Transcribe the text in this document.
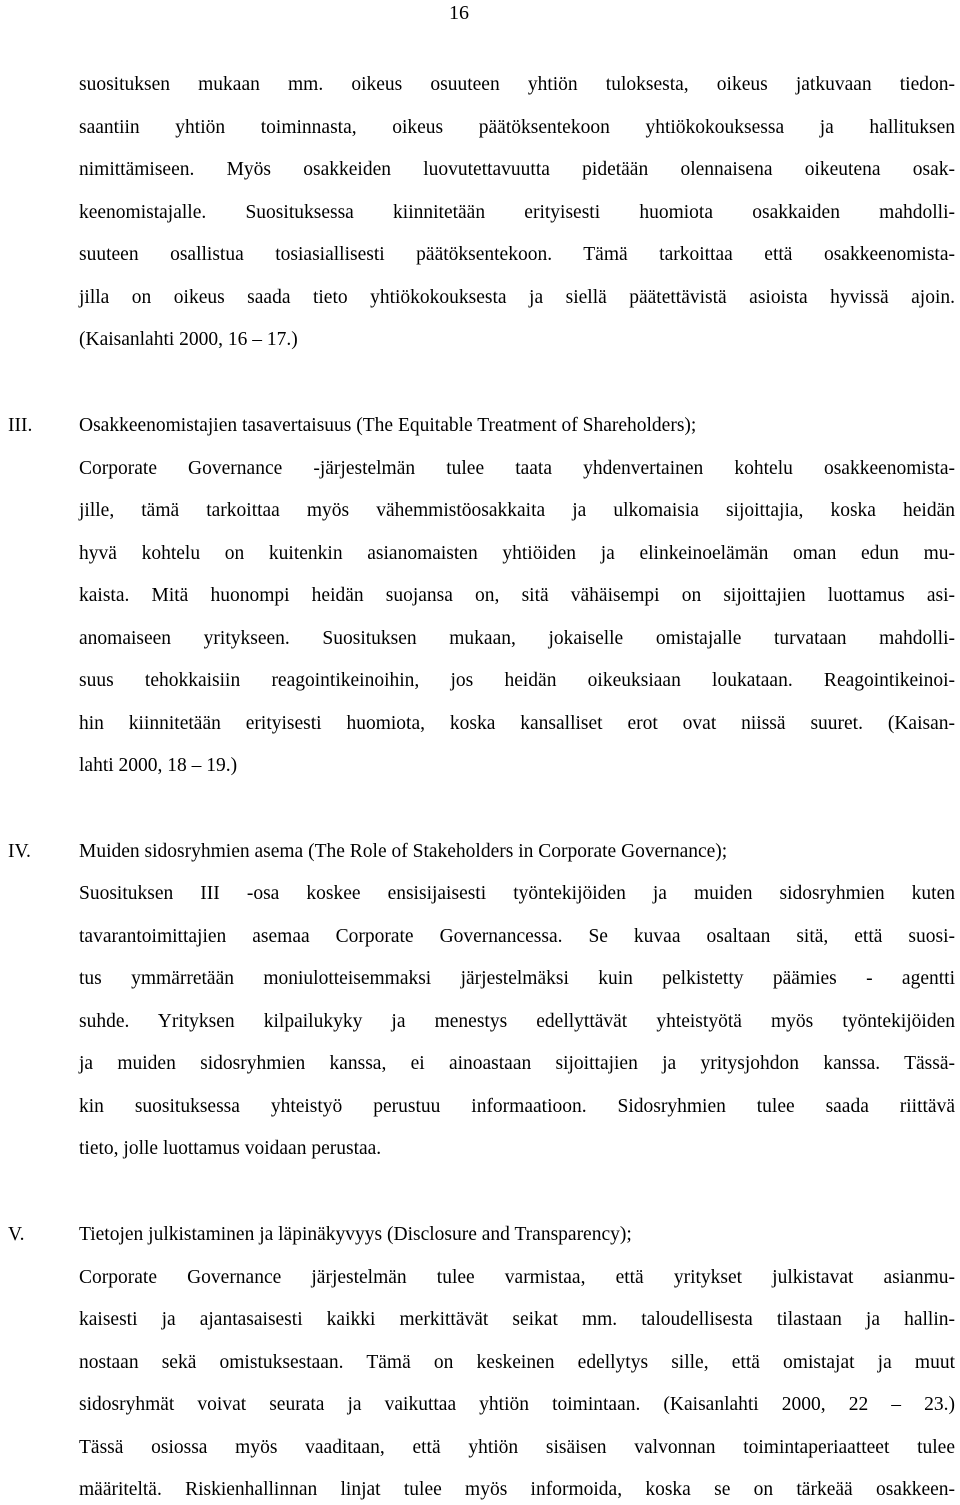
16
suosituksen mukaan mm. oikeus osuuteen yhtiön tuloksesta, oikeus jatkuvaan tiedon-
saantiin yhtiön toiminnasta, oikeus päätöksentekoon yhtiökokouksessa ja hallituksen
nimittämiseen. Myös osakkeiden luovutettavuutta pidetään olennaisena oikeutena osak-
keenomistajalle. Suosituksessa kiinnitetään erityisesti huomiota osakkaiden mahdolli-
suuteen osallistua tosiasiallisesti päätöksentekoon. Tämä tarkoittaa että osakkeenomista-
jilla on oikeus saada tieto yhtiökokouksesta ja siellä päätettävistä asioista hyvissä ajoin.
(Kaisanlahti 2000, 16 – 17.)
III. Osakkeenomistajien tasavertaisuus (The Equitable Treatment of Shareholders);
Corporate Governance -järjestelmän tulee taata yhdenvertainen kohtelu osakkeenomista-
jille, tämä tarkoittaa myös vähemmistöosakkaita ja ulkomaisia sijoittajia, koska heidän
hyvä kohtelu on kuitenkin asianomaisten yhtiöiden ja elinkeinoelämän oman edun mu-
kaista. Mitä huonompi heidän suojansa on, sitä vähäisempi on sijoittajien luottamus asi-
anomaiseen yritykseen. Suosituksen mukaan, jokaiselle omistajalle turvataan mahdolli-
suus tehokkaisiin reagointikeinoihin, jos heidän oikeuksiaan loukataan. Reagointikeinoi-
hin kiinnitetään erityisesti huomiota, koska kansalliset erot ovat niissä suuret. (Kaisan-
lahti 2000, 18 – 19.)
IV. Muiden sidosryhmien asema (The Role of Stakeholders in Corporate Governance);
Suosituksen III -osa koskee ensisijaisesti työntekijöiden ja muiden sidosryhmien kuten
tavarantoimittajien asemaa Corporate Governancessa. Se kuvaa osaltaan sitä, että suosi-
tus ymmärretään moniulotteisemmaksi järjestelmäksi kuin pelkistetty päämies - agentti
suhde. Yrityksen kilpailukyky ja menestys edellyttävät yhteistyötä myös työntekijöiden
ja muiden sidosryhmien kanssa, ei ainoastaan sijoittajien ja yritysjohdon kanssa. Tässä-
kin suosituksessa yhteistyö perustuu informaatioon. Sidosryhmien tulee saada riittävä
tieto, jolle luottamus voidaan perustaa.
V.	Tietojen julkistaminen ja läpinäkyvyys (Disclosure and Transparency);
Corporate Governance järjestelmän tulee varmistaa, että yritykset julkistavat asianmu-
kaisesti ja ajantasaisesti kaikki merkittävät seikat mm. taloudellisesta tilastaan ja hallin-
nostaan sekä omistuksestaan. Tämä on keskeinen edellytys sille, että omistajat ja muut
sidosryhmät voivat seurata ja vaikuttaa yhtiön toimintaan. (Kaisanlahti 2000, 22 – 23.)
Tässä osiossa myös vaaditaan, että yhtiön sisäisen valvonnan toimintaperiaatteet tulee
määriteltä. Riskienhallinnan linjat tulee myös informoida, koska se on tärkeää osakkeen-
